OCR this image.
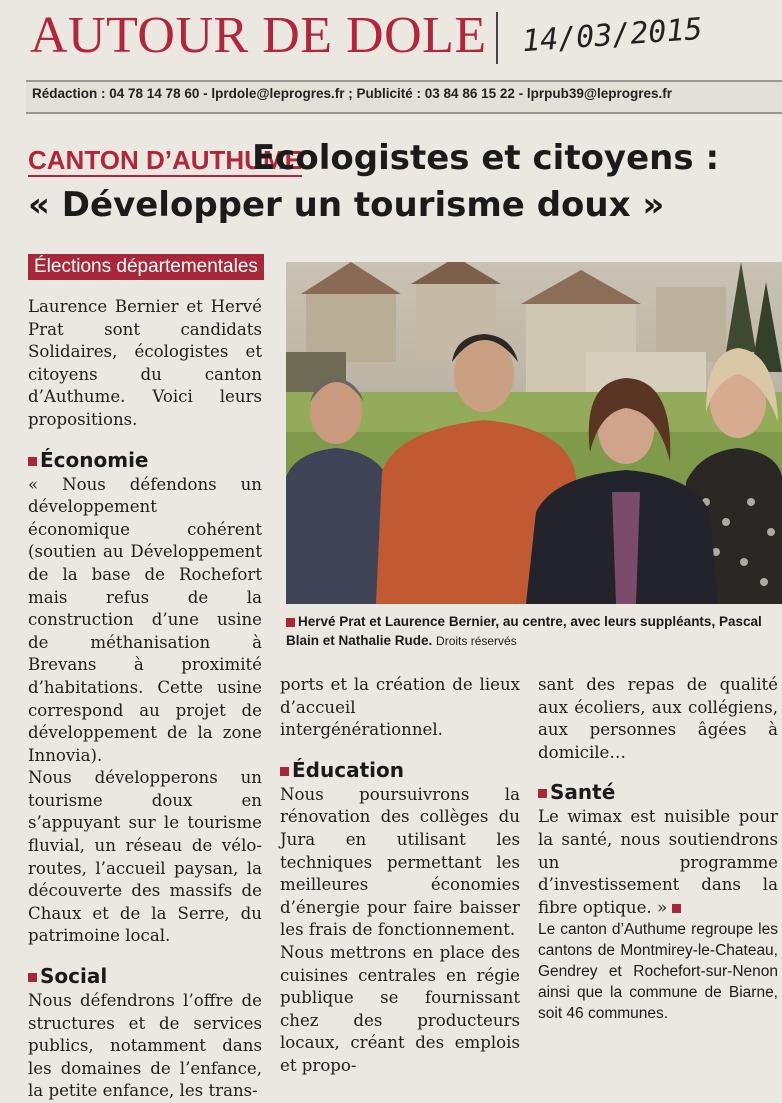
AUTOUR DE DOLE 14/03/2015
Rédaction : 04 78 14 78 60 - lprdole@leprogres.fr ; Publicité : 03 84 86 15 22 - lprpub39@leprogres.fr
CANTON D’AUTHUME
Ecologistes et citoyens :
« Développer un tourisme doux »
Élections départementales

Laurence Bernier et Hervé Prat sont candidats Solidaires, écologistes et citoyens du canton d’Authume. Voici leurs propositions.

Économie

« Nous défendons un développement économique cohérent (soutien au Développement de la base de Rochefort mais refus de la construction d’une usine de méthanisation à Brevans à proximité d’habitations. Cette usine correspond au projet de développement de la zone Innovia).

Nous développerons un tourisme doux en s’appuyant sur le tourisme fluvial, un réseau de vélo- routes, l’accueil paysan, la découverte des massifs de Chaux et de la Serre, du patrimoine local.

Social

Nous défendrons l’offre de structures et de services publics, notamment dans les domaines de l’enfance, la petite enfance, les trans-

Hervé Prat et Laurence Bernier, au centre, avec leurs suppléants, Pascal Blain et Nathalie Rude. Droits réservés

ports et la création de lieux d’accueil intergénérationnel.

Éducation

Nous poursuivrons la rénovation des collèges du Jura en utilisant les techniques permettant les meilleures économies d’énergie pour faire baisser les frais de fonctionnement.

Nous mettrons en place des cuisines centrales en régie publique se fournissant chez des producteurs locaux, créant des emplois et propo-

sant des repas de qualité aux écoliers, aux collégiens, aux personnes âgées à domicile…

Santé

Le wimax est nuisible pour la santé, nous soutiendrons un programme d’investissement dans la fibre optique. »

Le canton d’Authume regroupe les cantons de Montmirey-le-Chateau, Gendrey et Rochefort-sur-Nenon ainsi que la commune de Biarne, soit 46 communes.
